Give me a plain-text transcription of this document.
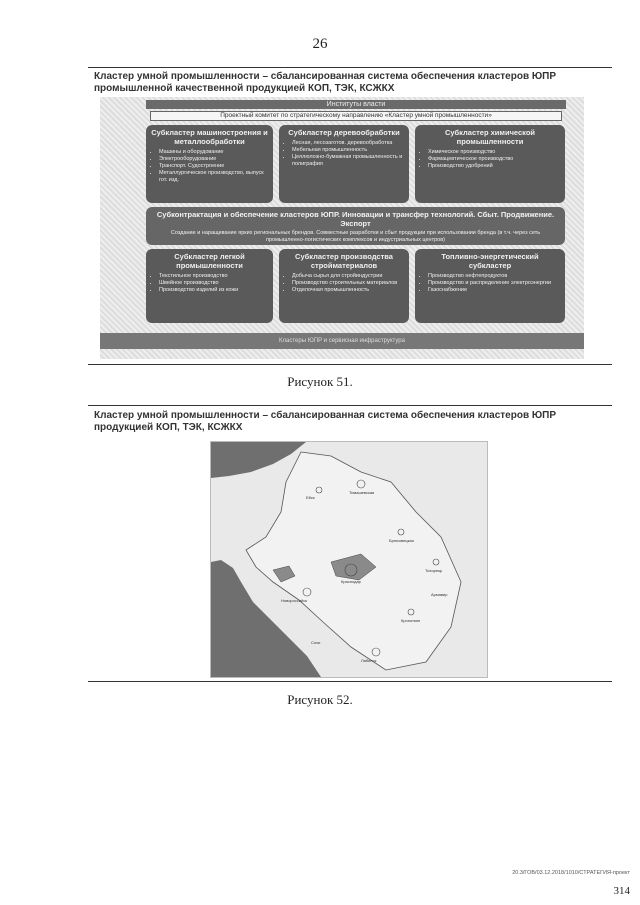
26
Кластер умной промышленности – сбалансированная система обеспечения кластеров ЮПР промышленной качественной продукцией КОП, ТЭК, КСЖКХ
Институты власти
Проектный комитет по стратегическому направлению «Кластер умной промышленности»
Субкластер машиностроения и металлообработки
• Машины и оборудование
• Электрооборудование
• Транспорт. Судостроение
• Металлургическое производство, выпуск гот. изд.
Субкластер деревообработки
• Лесная, лесозаготов. деревообработка
• Мебельная промышленность
• Целлюлозно-бумажная промышленность и полиграфия
Субкластер химической промышленности
• Химическое производство
• Фармацевтическое производство
• Производство удобрений
Субконтрактация и обеспечение кластеров ЮПР. Инновации и трансфер технологий. Сбыт. Продвижение. Экспорт
Создание и наращивание ярких региональных брендов. Совместные разработки и сбыт продукции при использовании бренда (в т.ч. через сеть промышленно-логистических комплексов и индустриальных центров)
Субкластер легкой промышленности
• Текстильное производство
• Швейное производство
• Производство изделий из кожи
Субкластер производства стройматериалов
• Добыча сырья для стройиндустрии
• Производство строительных материалов
• Отделочная промышленность
Топливно-энергетический субкластер
• Производство нефтепродуктов
• Производство и распределение электроэнергии
• Газоснабжение
Кластеры ЮПР и сервисная инфраструктура
Рисунок 51.
Кластер умной промышленности – сбалансированная система обеспечения кластеров ЮПР продукцией КОП, ТЭК, КСЖКХ
Ейск
Тимашевская
Краснодар
Брюховецкая
Новороссийск
Тихорецк
Кропоткин
Армавир
Лабинск
Сочи
Рисунок 52.
20.3/ГОВ/03.12.2018/1010/СТРАТЕГИЯ-проект
314
